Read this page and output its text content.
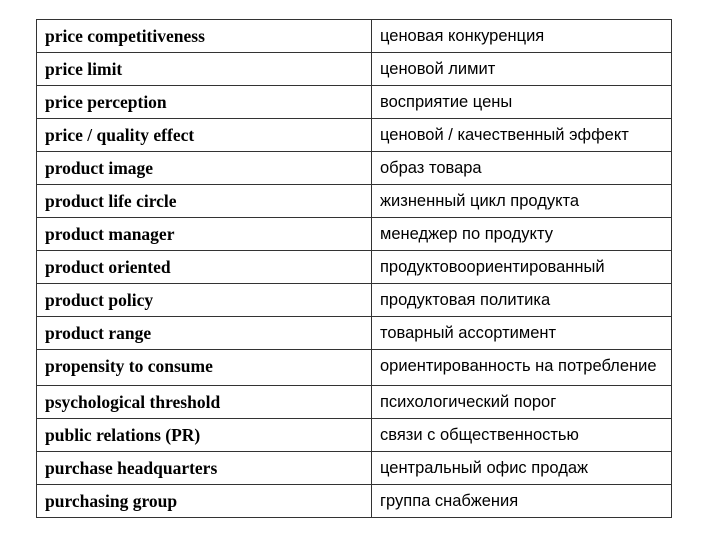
price competitiveness	ценовая конкуренция
price limit	ценовой лимит
price perception	восприятие цены
price / quality effect	ценовой / качественный эффект
product image	образ товара
product life circle	жизненный цикл продукта
product manager	менеджер по продукту
product oriented	продуктовоориентированный
product policy	продуктовая политика
product range	товарный ассортимент
propensity to consume	ориентированность на потребление
psychological threshold	психологический порог
public relations (PR)	связи с общественностью
purchase headquarters	центральный офис продаж
purchasing group	группа снабжения
